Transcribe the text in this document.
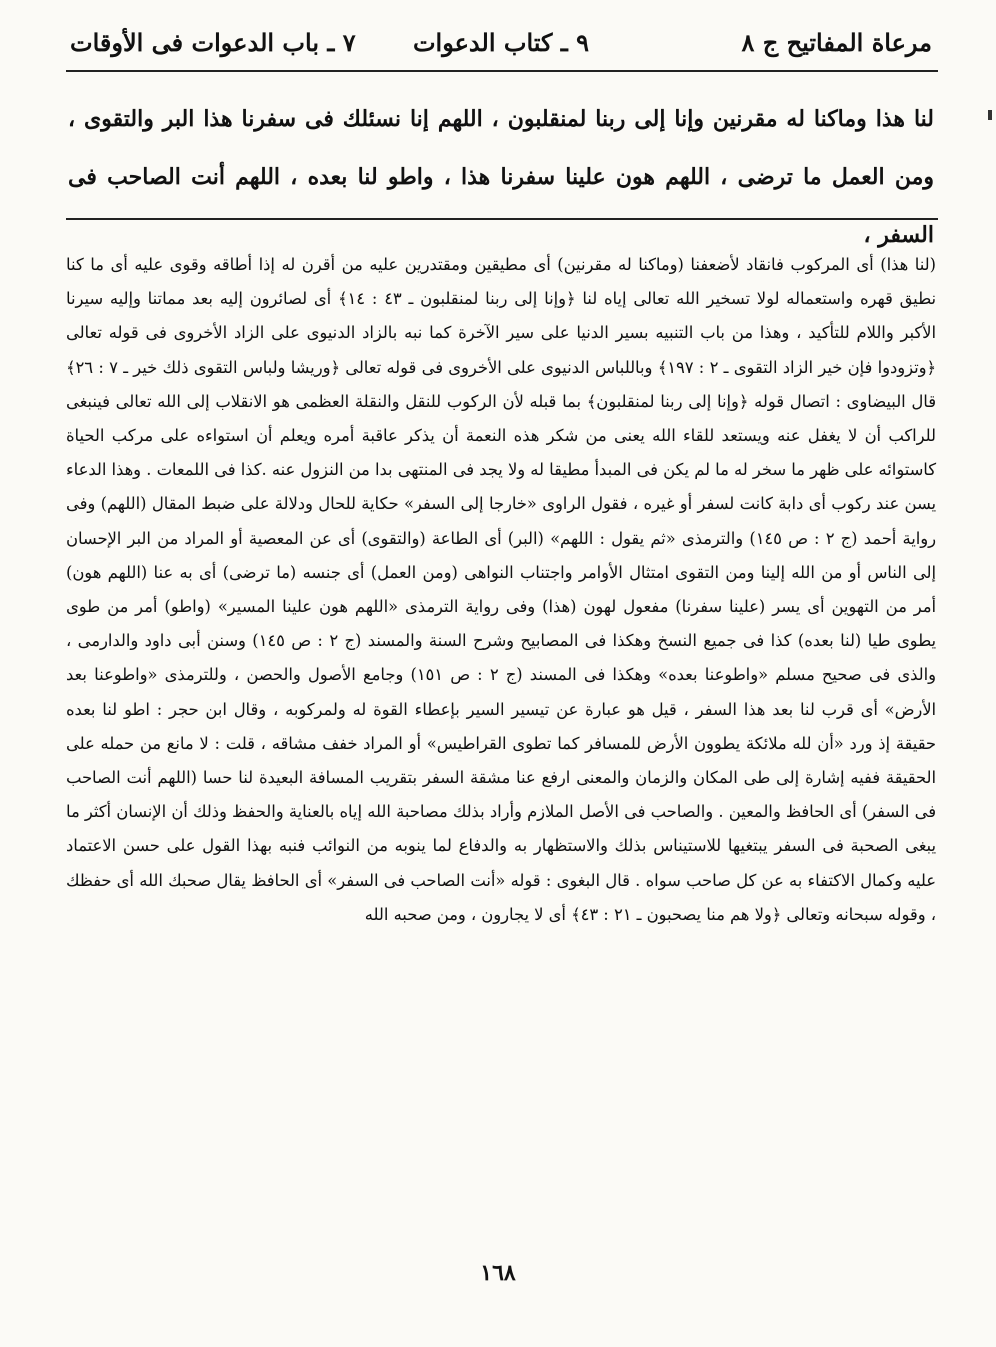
مرعاة المفاتيح ج ٨
٩ ـ كتاب الدعوات
٧ ـ باب الدعوات فى الأوقات

لنا هذا وماكنا له مقرنين وإنا إلى ربنا لمنقلبون ، اللهم إنا نسئلك فى سفرنا هذا البر والتقوى ، ومن العمل ما ترضى ، اللهم هون علينا سفرنا هذا ، واطو لنا بعده ، اللهم أنت الصاحب فى السفر ،

(لنا هذا) أى المركوب فانقاد لأضعفنا (وماكنا له مقرنين) أى مطيقين ومقتدرين عليه من أقرن له إذا أطاقه وقوى عليه أى ما كنا نطيق قهره واستعماله لولا تسخير الله تعالى إياه لنا ﴿وإنا إلى ربنا لمنقلبون ـ ٤٣ : ١٤﴾ أى لصائرون إليه بعد مماتنا وإليه سيرنا الأكبر واللام للتأكيد ، وهذا من باب التنبيه بسير الدنيا على سير الآخرة كما نبه بالزاد الدنيوى على الزاد الأخروى فى قوله تعالى ﴿وتزودوا فإن خير الزاد التقوى ـ ٢ : ١٩٧﴾ وباللباس الدنيوى على الأخروى فى قوله تعالى ﴿وريشا ولباس التقوى ذلك خير ـ ٧ : ٢٦﴾ قال البيضاوى : اتصال قوله ﴿وإنا إلى ربنا لمنقلبون﴾ بما قبله لأن الركوب للنقل والنقلة العظمى هو الانقلاب إلى الله تعالى فينبغى للراكب أن لا يغفل عنه ويستعد للقاء الله يعنى من شكر هذه النعمة أن يذكر عاقبة أمره ويعلم أن استواءه على مركب الحياة كاستوائه على ظهر ما سخر له ما لم يكن فى المبدأ مطيقا له ولا يجد فى المنتهى بدا من النزول عنه .كذا فى اللمعات . وهذا الدعاء يسن عند ركوب أى دابة كانت لسفر أو غيره ، فقول الراوى «خارجا إلى السفر» حكاية للحال ودلالة على ضبط المقال (اللهم) وفى رواية أحمد (ج ٢ : ص ١٤٥) والترمذى «ثم يقول : اللهم» (البر) أى الطاعة (والتقوى) أى عن المعصية أو المراد من البر الإحسان إلى الناس أو من الله إلينا ومن التقوى امتثال الأوامر واجتناب النواهى (ومن العمل) أى جنسه (ما ترضى) أى به عنا (اللهم هون) أمر من التهوين أى يسر (علينا سفرنا) مفعول لهون (هذا) وفى رواية الترمذى «اللهم هون علينا المسير» (واطو) أمر من طوى يطوى طيا (لنا بعده) كذا فى جميع النسخ وهكذا فى المصابيح وشرح السنة والمسند (ج ٢ : ص ١٤٥) وسنن أبى داود والدارمى ، والذى فى صحيح مسلم «واطوعنا بعده» وهكذا فى المسند (ج ٢ : ص ١٥١) وجامع الأصول والحصن ، وللترمذى «واطوعنا بعد الأرض» أى قرب لنا بعد هذا السفر ، قيل هو عبارة عن تيسير السير بإعطاء القوة له ولمركوبه ، وقال ابن حجر : اطو لنا بعده حقيقة إذ ورد «أن لله ملائكة يطوون الأرض للمسافر كما تطوى القراطيس» أو المراد خفف مشاقه ، قلت : لا مانع من حمله على الحقيقة ففيه إشارة إلى طى المكان والزمان والمعنى ارفع عنا مشقة السفر بتقريب المسافة البعيدة لنا حسا (اللهم أنت الصاحب فى السفر) أى الحافظ والمعين . والصاحب فى الأصل الملازم وأراد بذلك مصاحبة الله إياه بالعناية والحفظ وذلك أن الإنسان أكثر ما يبغى الصحبة فى السفر يبتغيها للاستيناس بذلك والاستظهار به والدفاع لما ينوبه من النوائب فنبه بهذا القول على حسن الاعتماد عليه وكمال الاكتفاء به عن كل صاحب سواه . قال البغوى : قوله «أنت الصاحب فى السفر» أى الحافظ يقال صحبك الله أى حفظك ، وقوله سبحانه وتعالى ﴿ولا هم منا يصحبون ـ ٢١ : ٤٣﴾ أى لا يجارون ، ومن صحبه الله

١٦٨
